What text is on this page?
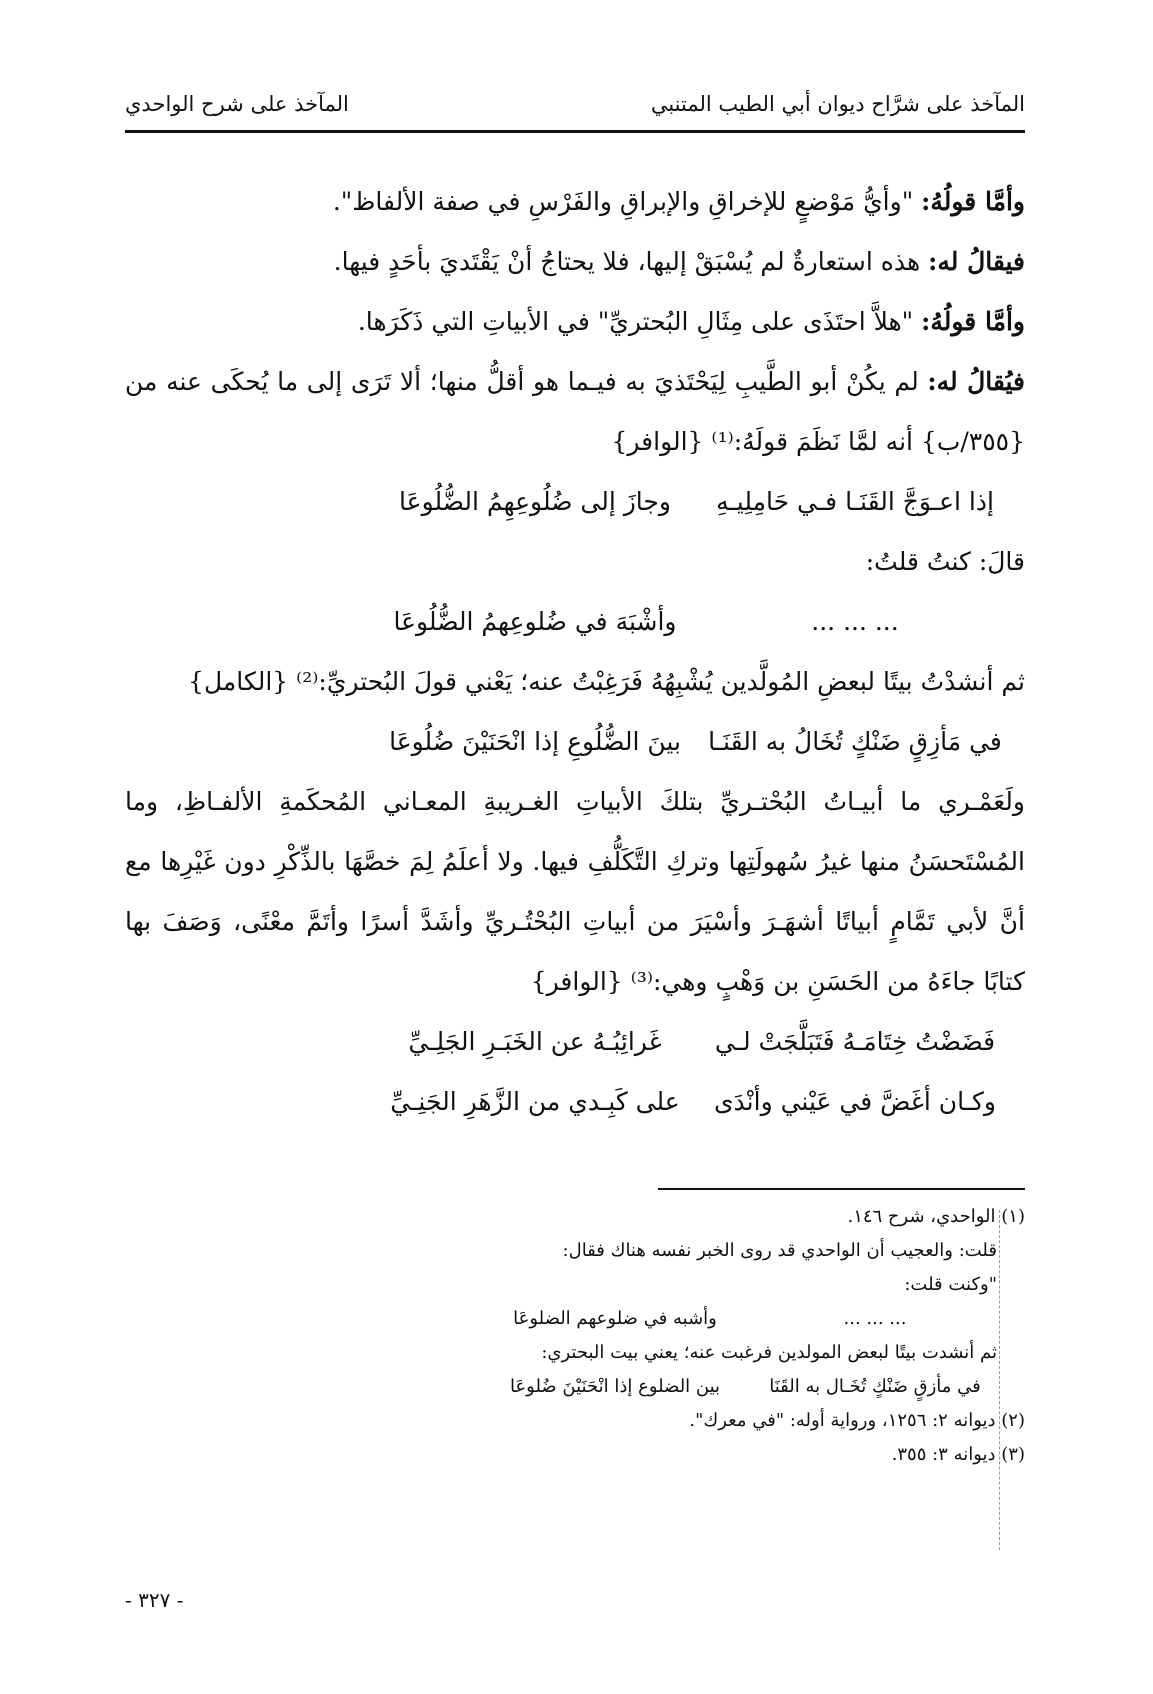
المآخذ على شرَّاح ديوان أبي الطيب المتنبي
المآخذ على شرح الواحدي

وأمَّا قولُهُ: "وأيُّ مَوْضعٍ للإخراقِ والإبراقِ والفَرْسِ في صفة الألفاظ".

فيقالُ له: هذه استعارةٌ لم يُسْبَقْ إليها، فلا يحتاجُ أنْ يَقْتَديَ بأحَدٍ فيها.

وأمَّا قولُهُ: "هلاَّ احتَذَى على مِثَالِ البُحتريِّ" في الأبياتِ التي ذَكَرَها.

فيُقالُ له: لم يكُنْ أبو الطَّيبِ لِيَحْتَذيَ به فيـما هو أقلُّ منها؛ ألا تَرَى إلى ما يُحكَى عنه من {٣٥٥/ب} أنه لمَّا نَظَمَ قولَهُ:⁽¹⁾ {الوافر}

إذا اعـوَجَّ القَنَـا فـي حَامِلِيـهِ
وجازَ إلى ضُلُوعِهِمُ الضُّلُوعَا

قالَ: كنتُ قلتُ:

... ... ...
وأشْبَهَ في ضُلوعِهمُ الضُّلُوعَا

ثم أنشدْتُ بيتًا لبعضِ المُولَّدين يُشْبِهُهُ فَرَغِبْتُ عنه؛ يَعْني قولَ البُحتريِّ:⁽²⁾ {الكامل}

في مَأزِقٍ ضَنْكٍ تُخَالُ به القَنَـا
بينَ الضُّلُوعِ إذا انْحَنَيْنَ ضُلُوعَا

ولَعَمْـري ما أبيـاتُ البُحْتـريِّ بتلكَ الأبياتِ الغـريبةِ المعـاني المُحكَمةِ الألفـاظِ، وما المُسْتَحسَنُ منها غيرُ سُهولَتِها وتركِ التَّكَلُّفِ فيها. ولا أعلَمُ لِمَ خصَّهَا بالذِّكْرِ دون غَيْرِها مع أنَّ لأبي تَمَّامٍ أبياتًا أشهَـرَ وأسْيَرَ من أبياتِ البُحْتُـريِّ وأشَدَّ أسرًا وأتَمَّ معْنًى، وَصَفَ بها كتابًا جاءَهُ من الحَسَنِ بن وَهْبٍ وهي:⁽³⁾ {الوافر}

فَضَضْتُ خِتَامَـهُ فَتَبَلَّجَتْ لـي
غَرائِبُـهُ عن الخَبَـرِ الجَلِـيِّ
وكـان أغَضَّ في عَيْني وأنْدَى
على كَبِـدي من الزَّهَرِ الجَنِـيِّ
(١) الواحدي، شرح ١٤٦.
قلت: والعجيب أن الواحدي قد روى الخبر نفسه هناك فقال:
"وكنت قلت:
... ... ...
وأشبه في ضلوعهم الضلوعَا
ثم أنشدت بيتًا لبعض المولدين فرغبت عنه؛ يعني بيت البحتري:
في مأزقٍ ضَنْكٍ تُخَـال به القَنَا
بين الضلوع إذا انْحَنَيْنَ ضُلوعَا
(٢) ديوانه ٢: ١٢٥٦، ورواية أوله: "في معرك".
(٣) ديوانه ٣: ٣٥٥.
- ٣٢٧ -
